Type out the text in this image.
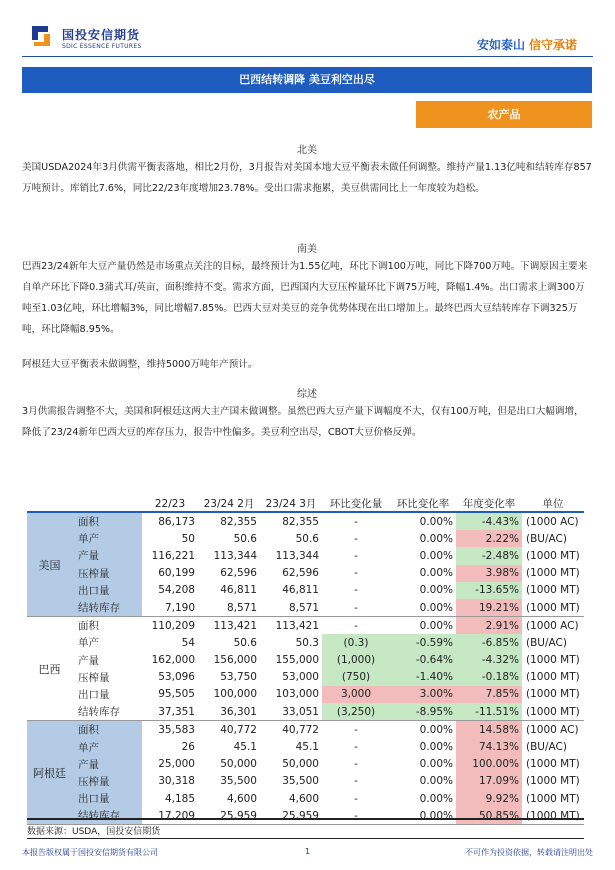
国投安信期货
SDIC ESSENCE FUTURES	安如泰山 信守承诺
巴西结转调降 美豆利空出尽
农产品
北美
美国USDA2024年3月供需平衡表落地，相比2月份，3月报告对美国本地大豆平衡表未做任何调整。维持产量1.13亿吨和结转库存857万吨预计。库销比7.6%，同比22/23年度增加23.78%。受出口需求拖累，美豆供需同比上一年度较为趋松。
南美
巴西23/24新年大豆产量仍然是市场重点关注的目标，最终预计为1.55亿吨，环比下调100万吨，同比下降700万吨。下调原因主要来自单产环比下降0.3蒲式耳/英亩，面积维持不变。需求方面，巴西国内大豆压榨量环比下调75万吨，降幅1.4%。出口需求上调300万吨至1.03亿吨，环比增幅3%，同比增幅7.85%。巴西大豆对美豆的竞争优势体现在出口增加上。最终巴西大豆结转库存下调325万吨，环比降幅8.95%。
阿根廷大豆平衡表未做调整，维持5000万吨年产预计。
综述
3月供需报告调整不大，美国和阿根廷这两大主产国未做调整。虽然巴西大豆产量下调幅度不大，仅有100万吨，但是出口大幅调增，降低了23/24新年巴西大豆的库存压力，报告中性偏多。美豆利空出尽，CBOT大豆价格反弹。
		22/23	23/24 2月	23/24 3月	环比变化量	环比变化率	年度变化率	单位
美国	面积	86,173	82,355	82,355	-	0.00%	-4.43%	(1000 AC)
	单产	50	50.6	50.6	-	0.00%	2.22%	(BU/AC)
	产量	116,221	113,344	113,344	-	0.00%	-2.48%	(1000 MT)
	压榨量	60,199	62,596	62,596	-	0.00%	3.98%	(1000 MT)
	出口量	54,208	46,811	46,811	-	0.00%	-13.65%	(1000 MT)
	结转库存	7,190	8,571	8,571	-	0.00%	19.21%	(1000 MT)
巴西	面积	110,209	113,421	113,421	-	0.00%	2.91%	(1000 AC)
	单产	54	50.6	50.3	(0.3)	-0.59%	-6.85%	(BU/AC)
	产量	162,000	156,000	155,000	(1,000)	-0.64%	-4.32%	(1000 MT)
	压榨量	53,096	53,750	53,000	(750)	-1.40%	-0.18%	(1000 MT)
	出口量	95,505	100,000	103,000	3,000	3.00%	7.85%	(1000 MT)
	结转库存	37,351	36,301	33,051	(3,250)	-8.95%	-11.51%	(1000 MT)
阿根廷	面积	35,583	40,772	40,772	-	0.00%	14.58%	(1000 AC)
	单产	26	45.1	45.1	-	0.00%	74.13%	(BU/AC)
	产量	25,000	50,000	50,000	-	0.00%	100.00%	(1000 MT)
	压榨量	30,318	35,500	35,500	-	0.00%	17.09%	(1000 MT)
	出口量	4,185	4,600	4,600	-	0.00%	9.92%	(1000 MT)
	结转库存	17,209	25,959	25,959	-	0.00%	50.85%	(1000 MT)
数据来源：USDA，国投安信期货
本报告版权属于国投安信期货有限公司	1	不可作为投资依据，转载请注明出处
